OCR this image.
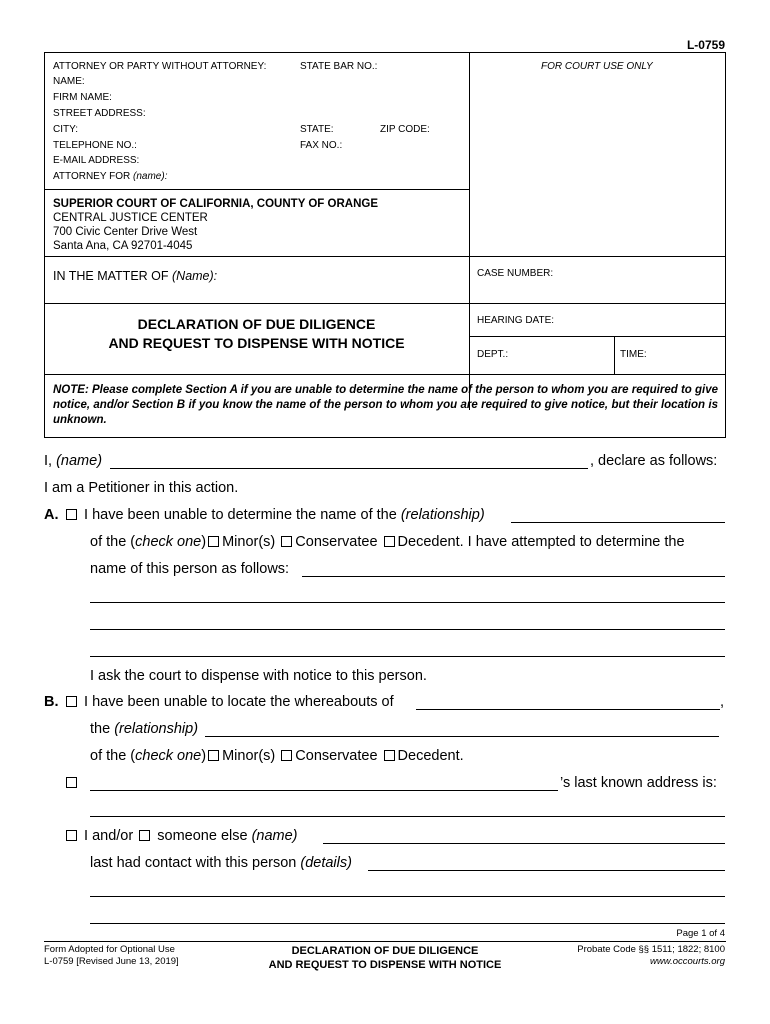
L-0759
ATTORNEY OR PARTY WITHOUT ATTORNEY:	STATE BAR NO.:	FOR COURT USE ONLY
NAME:
FIRM NAME:
STREET ADDRESS:
CITY:	STATE:	ZIP CODE:
TELEPHONE NO.:	FAX NO.:
E-MAIL ADDRESS:
ATTORNEY FOR (name):
SUPERIOR COURT OF CALIFORNIA, COUNTY OF ORANGE
CENTRAL JUSTICE CENTER
700 Civic Center Drive West
Santa Ana, CA 92701-4045
IN THE MATTER OF (Name):	CASE NUMBER:
DECLARATION OF DUE DILIGENCE
AND REQUEST TO DISPENSE WITH NOTICE
HEARING DATE:
DEPT.:	TIME:
NOTE: Please complete Section A if you are unable to determine the name of the person to whom you are required to give notice, and/or Section B if you know the name of the person to whom you are required to give notice, but their location is unknown.
I, (name)	, declare as follows:
I am a Petitioner in this action.
A.	I have been unable to determine the name of the (relationship)
of the (check one) Minor(s) Conservatee Decedent. I have attempted to determine the
name of this person as follows:
I ask the court to dispense with notice to this person.
B.	I have been unable to locate the whereabouts of	,
the (relationship)
of the (check one) Minor(s) Conservatee Decedent.
’s last known address is:
I and/or someone else (name)
last had contact with this person (details)
Page 1 of 4
Form Adopted for Optional Use
L-0759 [Revised June 13, 2019]
DECLARATION OF DUE DILIGENCE
AND REQUEST TO DISPENSE WITH NOTICE
Probate Code §§ 1511; 1822; 8100
www.occourts.org
